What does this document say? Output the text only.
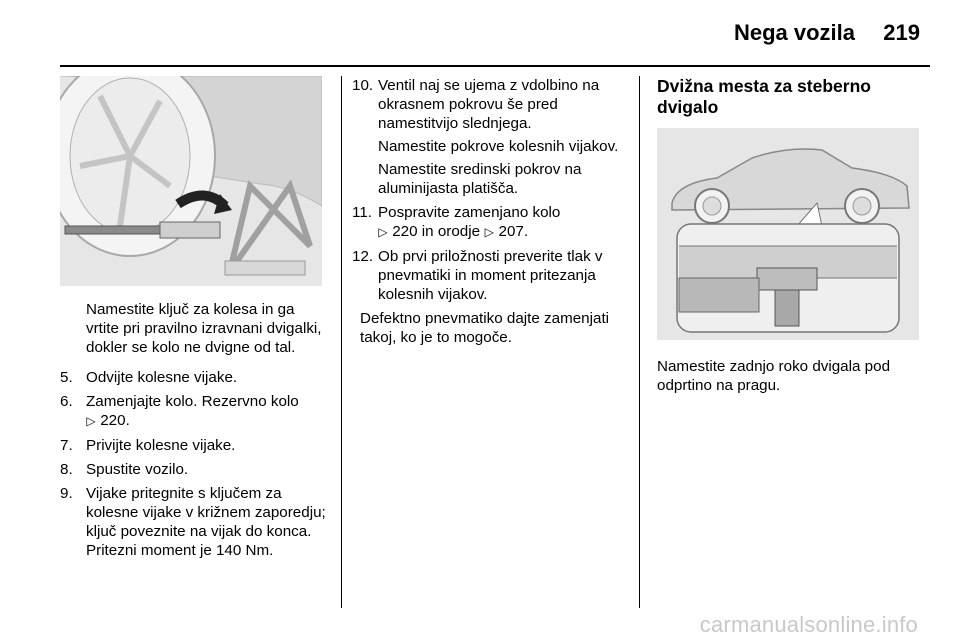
Nega vozila 219
Namestite ključ za kolesa in ga vrtite pri pravilno izravnani dvigalki, dokler se kolo ne dvigne od tal.
5. Odvijte kolesne vijake.
6. Zamenjajte kolo. Rezervno kolo
▷ 220.
7. Privijte kolesne vijake.
8. Spustite vozilo.
9. Vijake pritegnite s ključem za kolesne vijake v križnem zaporedju; ključ poveznite na vijak do konca. Pritezni moment je 140 Nm.
10. Ventil naj se ujema z vdolbino na okrasnem pokrovu še pred namestitvijo slednjega.
Namestite pokrove kolesnih vijakov.
Namestite sredinski pokrov na aluminijasta platišča.
11. Pospravite zamenjano kolo
▷ 220 in orodje ▷ 207.
12. Ob prvi priložnosti preverite tlak v pnevmatiki in moment pritezanja kolesnih vijakov.
Defektno pnevmatiko dajte zamenjati takoj, ko je to mogoče.
Dvižna mesta za steberno dvigalo
Namestite zadnjo roko dvigala pod odprtino na pragu.
carmanualsonline.info
